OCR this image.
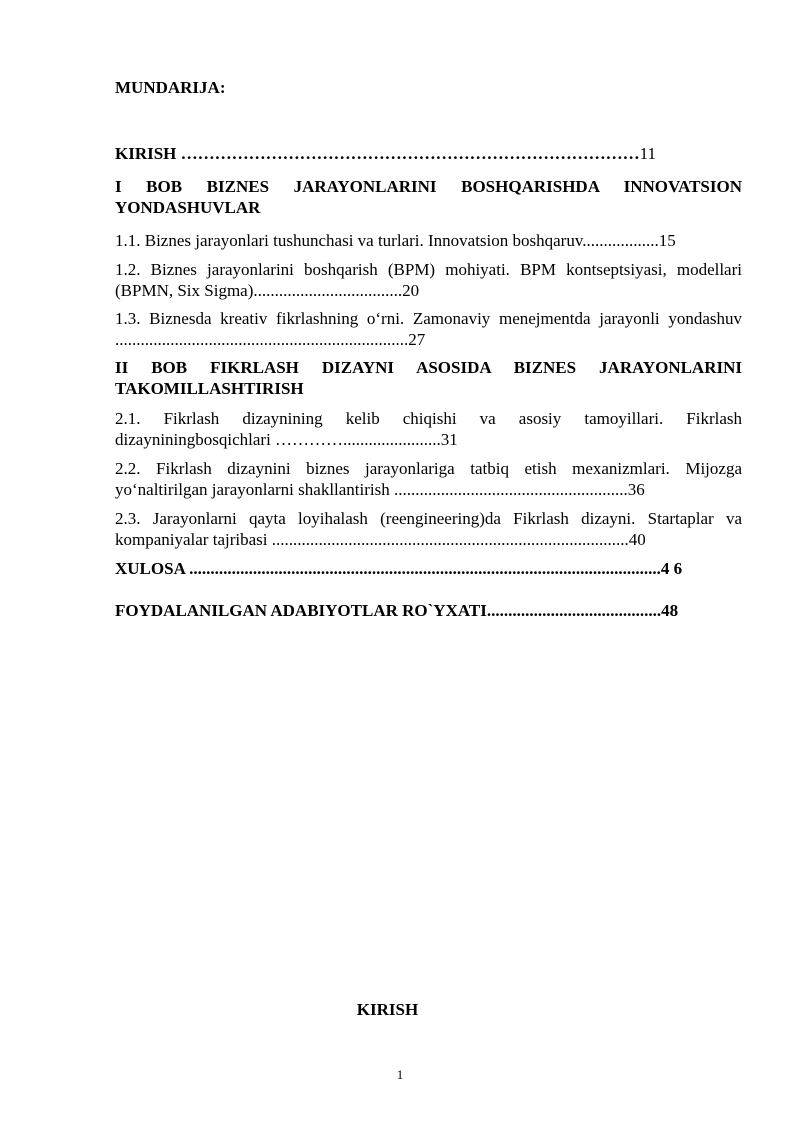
MUNDARIJA:
KIRISH ………………………………………………………………………11
I BOB BIZNES JARAYONLARINI BOSHQARISHDA INNOVATSION YONDASHUVLAR
1.1. Biznes jarayonlari tushunchasi va turlari. Innovatsion boshqaruv..................15
1.2. Biznes jarayonlarini boshqarish (BPM) mohiyati. BPM kontseptsiyasi, modellari (BPMN, Six Sigma)...................................20
1.3. Biznesda kreativ fikrlashning o‘rni. Zamonaviy menejmentda jarayonli yondashuv .....................................................................27
II BOB FIKRLASH DIZAYNI ASOSIDA BIZNES JARAYONLARINI TAKOMILLASHTIRISH
2.1. Fikrlash dizaynining kelib chiqishi va asosiy tamoyillari. Fikrlash dizayniningbosqichlari ………….......................31
2.2. Fikrlash dizaynini biznes jarayonlariga tatbiq etish mexanizmlari. Mijozga yo‘naltirilgan jarayonlarni shakllantirish .......................................................36
2.3. Jarayonlarni qayta loyihalash (reengineering)da Fikrlash dizayni. Startaplar va kompaniyalar tajribasi ....................................................................................40
XULOSA ...............................................................................................................4 6
FOYDALANILGAN ADABIYOTLAR RO`YXATI.........................................48
KIRISH
1
